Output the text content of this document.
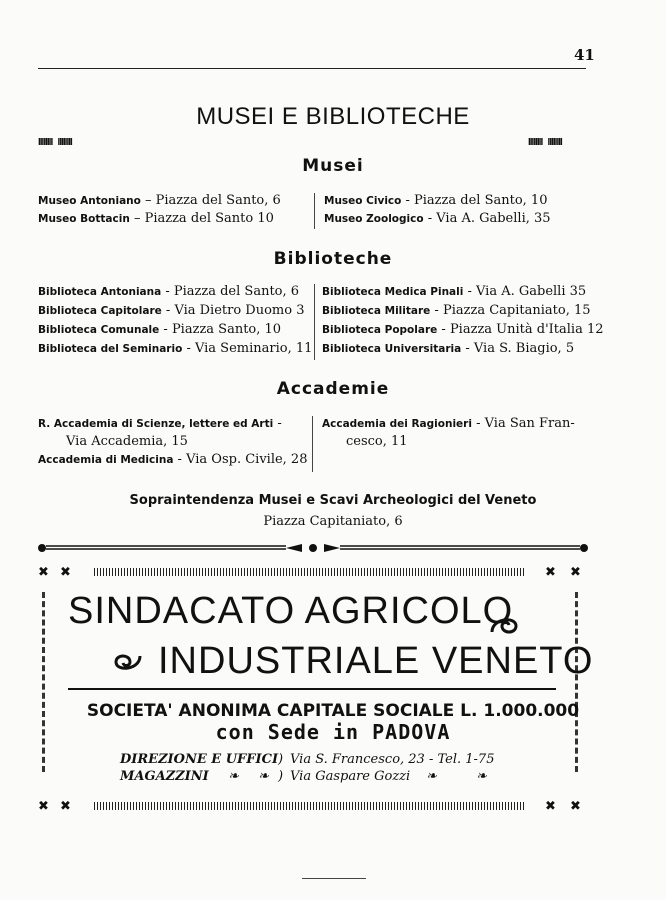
41
MUSEI E BIBLIOTECHE
IIIIIIII   IIIIIIII	IIIIIIII   IIIIIIII
Musei
Museo Antoniano – Piazza del Santo, 6
Museo Bottacin – Piazza del Santo 10
Museo Civico - Piazza del Santo, 10
Museo Zoologico - Via A. Gabelli, 35
Biblioteche
Biblioteca Antoniana - Piazza del Santo, 6
Biblioteca Capitolare - Via Dietro Duomo 3
Biblioteca Comunale - Piazza Santo, 10
Biblioteca del Seminario - Via Seminario, 11
Biblioteca Medica Pinali - Via A. Gabelli 35
Biblioteca Militare - Piazza Capitaniato, 15
Biblioteca Popolare - Piazza Unità d'Italia 12
Biblioteca Universitaria - Via S. Biagio, 5
Accademie
R. Accademia di Scienze, lettere ed Arti -
Via Accademia, 15
Accademia di Medicina - Via Osp. Civile, 28
Accademia dei Ragionieri - Via San Fran-
cesco, 11
Sopraintendenza Musei e Scavi Archeologici del Veneto
Piazza Capitaniato, 6
✖ ✖	✖ ✖
SINDACATO AGRICOLO
INDUSTRIALE VENETO
SOCIETA' ANONIMA CAPITALE SOCIALE L. 1.000.000
con Sede in PADOVA
DIREZIONE E UFFICI ) Via S. Francesco, 23 - Tel. 1-75
MAGAZZINI ❧ ❧ ) Via Gaspare Gozzi ❧	❧
✖ ✖	✖ ✖
